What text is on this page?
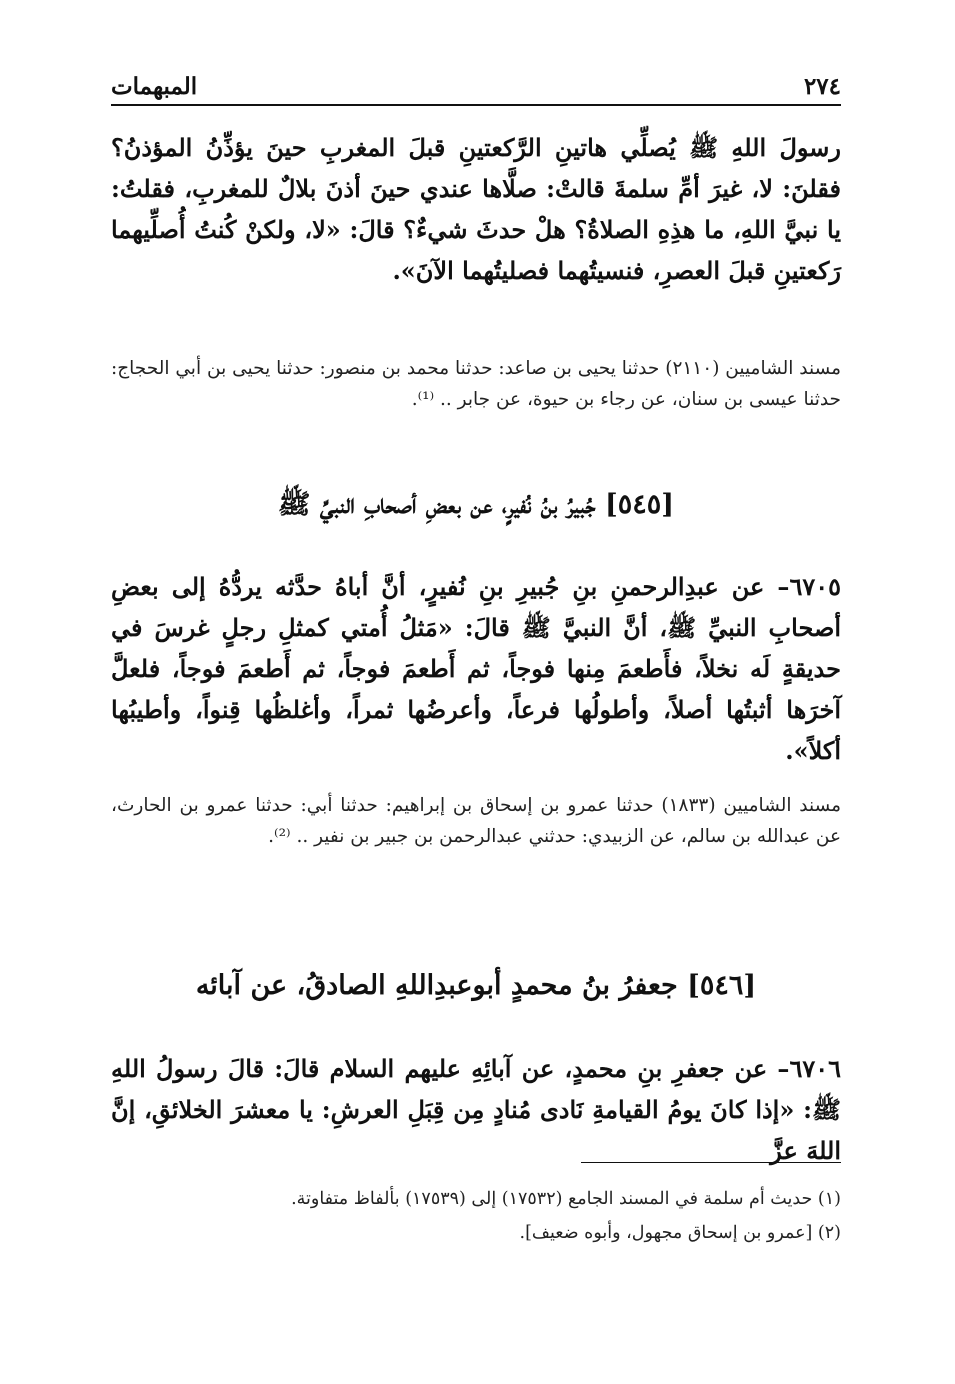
٢٧٤
المبهمات
رسولَ اللهِ ﷺ يُصلِّي هاتينِ الرَّكعتينِ قبلَ المغربِ حينَ يؤذِّنُ المؤذنُ؟ فقلنَ: لا، غيرَ أمِّ سلمةَ قالتْ: صلَّاها عندي حينَ أذنَ بلالٌ للمغربِ، فقلتُ: يا نبيَّ اللهِ، ما هذِهِ الصلاةُ؟ هلْ حدثَ شيءٌ؟ قالَ: «لا، ولكنْ كُنتُ أُصلِّيهما رَكعتينِ قبلَ العصرِ، فنسيتُهما فصليتُهما الآنَ».
مسند الشاميين (٢١١٠) حدثنا يحيى بن صاعد: حدثنا محمد بن منصور: حدثنا يحيى بن أبي الحجاج: حدثنا عيسى بن سنان، عن رجاء بن حيوة، عن جابر .. ⁽¹⁾.
[٥٤٥] جُبيرُ بنُ نُفيرٍ، عن بعضِ أصحابِ النبيِّ ﷺ
٦٧٠٥– عن عبدِالرحمنِ بنِ جُبيرِ بنِ نُفيرٍ، أنَّ أباهُ حدَّثه يردُّهُ إلى بعضِ أصحابِ النبيِّ ﷺ، أنَّ النبيَّ ﷺ قالَ: «مَثلُ أُمتي كمثلِ رجلٍ غرسَ في حديقةٍ لَه نخلاً، فأَطعمَ مِنها فوجاً، ثم أَطعمَ فوجاً، ثم أَطعمَ فوجاً، فلعلَّ آخرَها أثبتُها أصلاً، وأطولُها فرعاً، وأعرضُها ثمراً، وأغلظُها قِنواً، وأطيبُها أكلاً».
مسند الشاميين (١٨٣٣) حدثنا عمرو بن إسحاق بن إبراهيم: حدثنا أبي: حدثنا عمرو بن الحارث، عن عبدالله بن سالم، عن الزبيدي: حدثني عبدالرحمن بن جبير بن نفير .. ⁽²⁾.
[٥٤٦] جعفرُ بنُ محمدٍ أبوعبدِاللهِ الصادقُ، عن آبائه
٦٧٠٦– عن جعفرِ بنِ محمدٍ، عن آبائِهِ عليهم السلام قالَ: قالَ رسولُ اللهِ ﷺ: «إذا كانَ يومُ القيامةِ نَادى مُنادٍ مِن قِبَلِ العرشِ: يا معشرَ الخلائقِ، إنَّ اللهَ عزَّ
(١) حديث أم سلمة في المسند الجامع (١٧٥٣٢) إلى (١٧٥٣٩) بألفاظ متفاوتة.
(٢) [عمرو بن إسحاق مجهول، وأبوه ضعيف].
